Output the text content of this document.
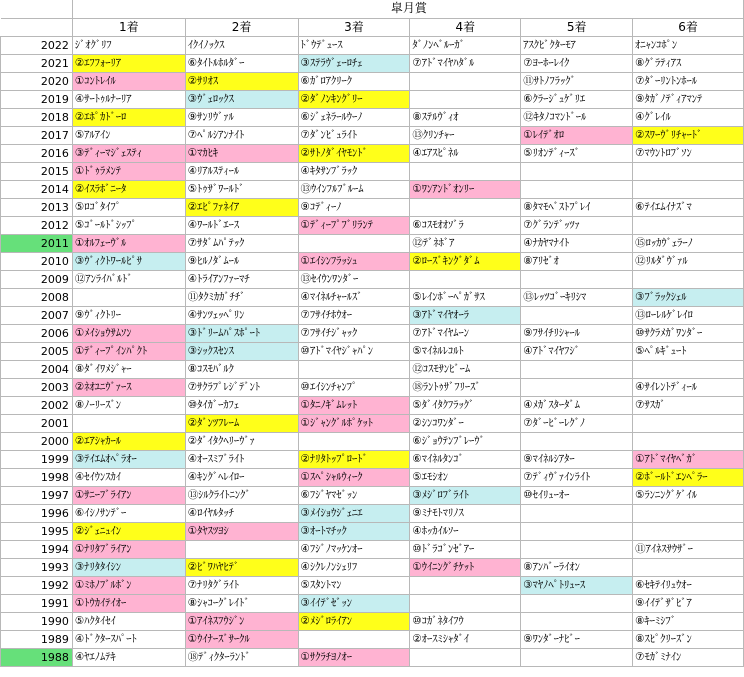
	皐月賞					
	1着	2着	3着	4着	5着	6着
2022	ｼﾞｵｸﾞﾘﾌ	ｲｸｲﾉｯｸｽ	ﾄﾞｳﾃﾞｭｰｽ	ﾀﾞﾉﾝﾍﾞﾙｰｶﾞ	ｱｽｸﾋﾞｸﾀｰﾓｱ	ｵﾆｬﾝｺﾎﾟﾝ
2021	②ｴﾌﾌｫｰﾘｱ	⑥ﾀｲﾄﾙﾎﾙﾀﾞｰ	③ｽﾃﾗｳﾞｪｰﾛﾁｪ	⑦ｱﾄﾞﾏｲﾔﾊﾀﾞﾙ	⑦ﾖｰﾎｰﾚｲｸ	⑧ｸﾞﾗﾃｨｱｽ
2020	①ｺﾝﾄﾚｲﾙ	②ｻﾘｵｽ	⑥ｶﾞﾛｱｸﾘｰｸ		⑪ｻﾄﾉﾌﾗｯｸﾞ	⑦ﾀﾞｰﾘﾝﾄﾝﾎｰﾙ
2019	④ｻｰﾄｩﾙﾅｰﾘｱ	③ｳﾞｪﾛｯｸｽ	②ﾀﾞﾉﾝｷﾝｸﾞﾘｰ		⑥ｸﾗｰｼﾞｭｹﾞﾘｴ	⑨ﾀｶﾞﾉﾃﾞｨｱﾏﾝﾃ
2018	②ｴﾎﾟｶﾄﾞｰﾛ	⑨ｻﾝﾘｳﾞｧﾙ	⑥ｼﾞｪﾈﾗｰﾙｳｰﾉ	⑧ｽﾃﾙｳﾞｨｵ	⑫ｷﾀﾉｺﾏﾝﾄﾞｰﾙ	④ｸﾞﾚｲﾙ
2017	⑤ｱﾙｱｲﾝ	⑦ﾍﾟﾙｼｱﾝﾅｲﾄ	⑦ﾀﾞﾝﾋﾞｭﾗｲﾄ	⑬ｸﾘﾝﾁｬｰ	①ﾚｲﾃﾞｵﾛ	②ｽﾜｰｳﾞﾘﾁｬｰﾄﾞ
2016	③ﾃﾞｨｰﾏｼﾞｪｽﾃｨ	①ﾏｶﾋｷ	②ｻﾄﾉﾀﾞｲﾔﾓﾝﾄﾞ	④ｴｱｽﾋﾟﾈﾙ	⑤ﾘｵﾝﾃﾞｨｰｽﾞ	⑦ﾏｳﾝﾄﾛﾌﾞｿﾝ
2015	①ﾄﾞｩﾗﾒﾝﾃ	④ﾘｱﾙｽﾃｨｰﾙ	④ｷﾀｻﾝﾌﾞﾗｯｸ			
2014	②ｲｽﾗﾎﾞﾆｰﾀ	⑤ﾄｩｻﾞﾜｰﾙﾄﾞ	⑬ｳｲﾝﾌﾙﾌﾞﾙｰﾑ	①ﾜﾝｱﾝﾄﾞｵﾝﾘｰ		
2013	⑤ﾛｺﾞﾀｲﾌﾟ	②ｴﾋﾟﾌｧﾈｲｱ	⑨ｺﾃﾞｨｰﾉ		⑧ﾀﾏﾓﾍﾞｽﾄﾌﾟﾚｲ	⑥ﾃｲｴﾑｲﾅｽﾞﾏ
2012	⑤ｺﾞｰﾙﾄﾞｼｯﾌﾟ	④ﾜｰﾙﾄﾞｴｰｽ	①ﾃﾞｨｰﾌﾟﾌﾞﾘﾗﾝﾃ	⑥ｺｽﾓｵｵｿﾞﾗ	⑦ｸﾞﾗﾝﾃﾞｯﾂｧ	
2011	①ｵﾙﾌｪｰｳﾞﾙ	⑦ｻﾀﾞﾑﾊﾟﾃｯｸ		⑫ﾃﾞﾈﾎﾞｱ	④ﾅｶﾔﾏﾅｲﾄ	⑮ﾛｯｶｳﾞｪﾗｰﾉ
2010	③ｳﾞｨｸﾄﾜｰﾙﾋﾟｻ	⑨ﾋﾙﾉﾀﾞﾑｰﾙ	①ｴｲｼﾝﾌﾗｯｼｭ	②ﾛｰｽﾞｷﾝｸﾞﾀﾞﾑ	⑧ｱﾘｾﾞｵ	⑫ﾘﾙﾀﾞｳﾞｧﾙ
2009	⑫ｱﾝﾗｲﾊﾞﾙﾄﾞ	④ﾄﾗｲｱﾝﾌｧｰﾏﾁ	⑬ｾｲｳﾝﾜﾝﾀﾞｰ			
2008		⑪ﾀｸﾐｶｶﾞﾁﾁﾞ	④ﾏｲﾈﾙﾁｬｰﾙｽﾞ	⑤ﾚｲﾝﾎﾞｰﾍﾟｶﾞｻｽ	⑬ﾚｯﾂｺﾞｰｷﾘｼﾏ	③ﾌﾞﾗｯｸｼｪﾙ
2007	⑨ｳﾞｨｸﾄﾘｰ	④ｻﾝﾂｪｯﾍﾟﾘﾝ	⑦ﾌｻｲﾁﾎｳｵｰ	③ｱﾄﾞﾏｲﾔｵｰﾗ		⑬ﾛｰﾚﾙｹﾞﾚｲﾛ
2006	①ﾒｲｼｮｳｻﾑｿﾝ	③ﾄﾞﾘｰﾑﾊﾟｽﾎﾟｰﾄ	⑦ﾌｻｲﾁｼﾞｬｯｸ	⑦ｱﾄﾞﾏｲﾔﾑｰﾝ	⑨ﾌｻｲﾁﾘｼｬｰﾙ	⑩ｻｸﾗﾒｶﾞﾜﾝﾀﾞｰ
2005	①ﾃﾞｨｰﾌﾟｲﾝﾊﾟｸﾄ	③ｼｯｸｽｾﾝｽ	⑩ｱﾄﾞﾏｲﾔｼﾞｬﾊﾟﾝ	⑤ﾏｲﾈﾙﾚｺﾙﾄ	④ｱﾄﾞﾏｲﾔﾌｼﾞ	⑤ﾍﾟﾙｷﾞｭｰﾄ
2004	⑧ﾀﾞｲﾜﾒｼﾞｬｰ	⑧ｺｽﾓﾊﾞﾙｸ		⑫ｺｽﾓｻﾝﾋﾞｰﾑ		
2003	②ﾈｵﾕﾆｳﾞｧｰｽ	⑦ｻｸﾗﾌﾟﾚｼﾞﾃﾞﾝﾄ	⑩ｴｲｼﾝﾁｬﾝﾌﾟ	⑱ﾗﾝﾄｩｻﾞﾌﾘｰｽﾞ		④ｻｲﾚﾝﾄﾃﾞｨｰﾙ
2002	⑧ﾉｰﾘｰｽﾞﾝ	⑩ﾀｲｶﾞｰｶﾌｪ	①ﾀﾆﾉｷﾞﾑﾚｯﾄ	⑤ﾀﾞｲﾀｸﾌﾗｯｸﾞ	④ﾒｶﾞｽﾀｰﾀﾞﾑ	⑦ｻｽｶﾞ
2001		②ﾀﾞﾝﾂﾌﾚｰﾑ	①ｼﾞｬﾝｸﾞﾙﾎﾟｹｯﾄ	②ｼﾝｺﾜﾝﾀﾞｰ	⑦ﾀﾞｰﾋﾞｰﾚｸﾞﾉ	
2000	②ｴｱｼｬｶｰﾙ	②ﾀﾞｲﾀｸﾍﾘｰｳﾞｧ		⑥ｼﾞｮｳﾃﾝﾌﾞﾚｰｳﾞ		
1999	③ﾃｲｴﾑｵﾍﾟﾗｵｰ	④ｵｰｽﾐﾌﾞﾗｲﾄ	②ﾅﾘﾀﾄｯﾌﾟﾛｰﾄﾞ	⑥ﾏｲﾈﾙﾀﾝｺﾞ	⑨ﾏｲﾈﾙｼｱﾀｰ	①ｱﾄﾞﾏｲﾔﾍﾞｶﾞ
1998	④ｾｲｳﾝｽｶｲ	④ｷﾝｸﾞﾍﾚｲﾛｰ	①ｽﾍﾟｼｬﾙｳｨｰｸ	⑤ｴﾓｼｵﾝ	⑦ﾃﾞｨｳﾞｧｲﾝﾗｲﾄ	②ﾎﾞｰﾙﾄﾞｴﾝﾍﾟﾗｰ
1997	①ｻﾆｰﾌﾞﾗｲｱﾝ	⑬ｼﾙｸﾗｲﾄﾆﾝｸﾞ	⑥ﾌｼﾞﾔﾏｾﾞｯﾝ	③ﾒｼﾞﾛﾌﾞﾗｲﾄ	⑩ｾｲﾘｭｰｵｰ	⑤ﾗﾝﾆﾝｸﾞｹﾞｲﾙ
1996	⑥ｲｼﾉｻﾝﾃﾞｰ	④ﾛｲﾔﾙﾀｯﾁ	③ﾒｲｼｮｳｼﾞｪﾆｴ	⑨ﾐﾅﾓﾄﾏﾘﾉｽ		
1995	②ｼﾞｪﾆｭｲﾝ	①ﾀﾔｽﾂﾖｼ	③ｵｰﾄﾏﾁｯｸ	④ﾎｯｶｲﾙｿｰ		
1994	①ﾅﾘﾀﾌﾞﾗｲｱﾝ		④ﾌｼﾞﾉﾏｯｹﾝｵｰ	⑩ﾄﾞﾗｺﾞﾝｾﾞｱｰ		⑪ｱｲﾈｽｻｳｻﾞｰ
1993	③ﾅﾘﾀﾀｲｼﾝ	②ﾋﾞﾜﾊﾔﾋﾃﾞ	④ｼｸﾚﾉﾝｼｪﾘﾌ	①ｳｲﾆﾝｸﾞﾁｹｯﾄ	⑧ｱﾝﾊﾞｰﾗｲｵﾝ	
1992	①ﾐﾎﾉﾌﾞﾙﾎﾞﾝ	⑦ﾅﾘﾀｸﾞﾗｲﾄ	⑤ｽﾀﾝﾄﾏﾝ		③ﾏﾔﾉﾍﾟﾄﾘｭｰｽ	⑥ｾｷﾃｲﾘｭｳｵｰ
1991	①ﾄｳｶｲﾃｲｵｰ	⑧ｼｬｺｰｸﾞﾚｲﾄﾞ	③ｲｲﾃﾞｾﾞｯﾝ			⑨ｲｲﾃﾞｻﾞﾋﾞｱ
1990	⑤ﾊｸﾀｲｾｲ	①ｱｲﾈｽﾌｳｼﾞﾝ	②ﾒｼﾞﾛﾗｲｱﾝ	⑩ｺｶﾞﾈﾀｲﾌｳ		⑧ｷｰﾐｼﾌﾞ
1989	④ﾄﾞｸﾀｰｽﾊﾟｰﾄ	①ｳｲﾅｰｽﾞｻｰｸﾙ		②ｵｰｽﾐｼｬﾀﾞｲ	⑨ﾜﾝﾀﾞｰﾅﾋﾞｰ	⑧ｽﾋﾟｸﾘｰｽﾞﾝ
1988	④ﾔｴﾉﾑﾃｷ	⑱ﾃﾞｨｸﾀｰﾗﾝﾄﾞ	①ｻｸﾗﾁﾖﾉｵｰ			⑦ﾓｶﾞﾐﾅｲﾝ
